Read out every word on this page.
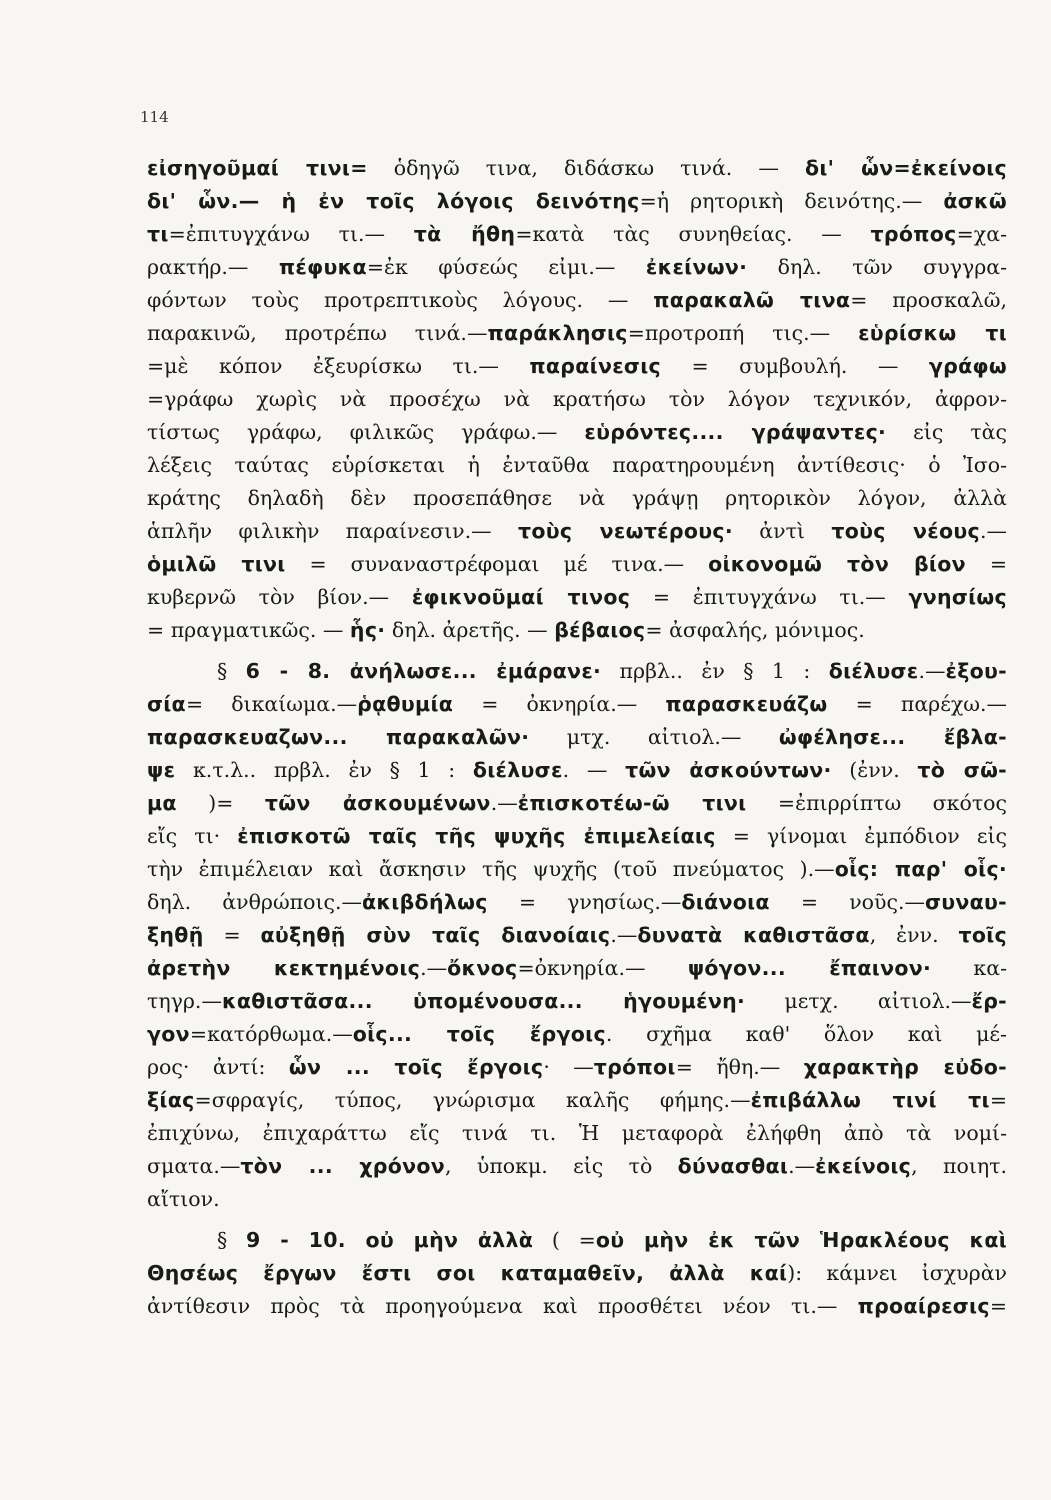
114
εἰσηγοῦμαί τινι= ὁδηγῶ τινα, διδάσκω τινά. — δι' ὧν=ἐκείνοις
δι' ὧν.— ἡ ἐν τοῖς λόγοις δεινότης=ἡ ρητορικὴ δεινότης.— ἀσκῶ
τι=ἐπιτυγχάνω τι.— τὰ ἤθη=κατὰ τὰς συνηθείας. — τρόπος=χα-
ρακτήρ.— πέφυκα=ἐκ φύσεώς εἰμι.— ἐκείνων· δηλ. τῶν συγγρα-
φόντων τοὺς προτρεπτικοὺς λόγους. — παρακαλῶ τινα= προσκαλῶ,
παρακινῶ, προτρέπω τινά.—παράκλησις=προτροπή τις.— εὑρίσκω τι
=μὲ κόπον ἐξευρίσκω τι.— παραίνεσις = συμβουλή. — γράφω
=γράφω χωρὶς νὰ προσέχω νὰ κρατήσω τὸν λόγον τεχνικόν, ἀφρον-
τίστως γράφω, φιλικῶς γράφω.— εὑρόντες.... γράψαντες· εἰς τὰς
λέξεις ταύτας εὑρίσκεται ἡ ἐνταῦθα παρατηρουμένη ἀντίθεσις· ὁ Ἰσο-
κράτης δηλαδὴ δὲν προσεπάθησε νὰ γράψῃ ρητορικὸν λόγον, ἀλλὰ
ἁπλῆν φιλικὴν παραίνεσιν.— τοὺς νεωτέρους· ἀντὶ τοὺς νέους.—
ὁμιλῶ τινι = συναναστρέφομαι μέ τινα.— οἰκονομῶ τὸν βίον =
κυβερνῶ τὸν βίον.— ἐφικνοῦμαί τινος = ἐπιτυγχάνω τι.— γνησίως
= πραγματικῶς. — ἧς· δηλ. ἀρετῆς. — βέβαιος= ἀσφαλής, μόνιμος.
§ 6 - 8. ἀνήλωσε... ἐμάρανε· πρβλ.. ἐν § 1 : διέλυσε.—ἐξου-
σία= δικαίωμα.—ῥᾳθυμία = ὀκνηρία.— παρασκευάζω = παρέχω.—
παρασκευαζων... παρακαλῶν· μτχ. αἰτιολ.— ὠφέλησε... ἔβλα-
ψε κ.τ.λ.. πρβλ. ἐν § 1 : διέλυσε. — τῶν ἀσκούντων· (ἐνν. τὸ σῶ-
μα )= τῶν ἀσκουμένων.—ἐπισκοτέω-ῶ τινι =ἐπιρρίπτω σκότος
εἴς τι· ἐπισκοτῶ ταῖς τῆς ψυχῆς ἐπιμελείαις = γίνομαι ἐμπόδιον εἰς
τὴν ἐπιμέλειαν καὶ ἄσκησιν τῆς ψυχῆς (τοῦ πνεύματος ).—οἷς: παρ' οἷς·
δηλ. ἀνθρώποις.—ἀκιβδήλως = γνησίως.—διάνοια = νοῦς.—συναυ-
ξηθῇ = αὐξηθῇ σὺν ταῖς διανοίαις.—δυνατὰ καθιστᾶσα, ἐνν. τοῖς
ἀρετὴν κεκτημένοις.—ὄκνος=ὀκνηρία.— ψόγον... ἔπαινον· κα-
τηγρ.—καθιστᾶσα... ὑπομένουσα... ἡγουμένη· μετχ. αἰτιολ.—ἔρ-
γον=κατόρθωμα.—οἷς... τοῖς ἔργοις. σχῆμα καθ' ὅλον καὶ μέ-
ρος· ἀντί: ὧν ... τοῖς ἔργοις· —τρόποι= ἤθη.— χαρακτὴρ εὐδο-
ξίας=σφραγίς, τύπος, γνώρισμα καλῆς φήμης.—ἐπιβάλλω τινί τι=
ἐπιχύνω, ἐπιχαράττω εἴς τινά τι. Ἡ μεταφορὰ ἐλήφθη ἀπὸ τὰ νομί-
σματα.—τὸν ... χρόνον, ὑποκμ. εἰς τὸ δύνασθαι.—ἐκείνοις, ποιητ.
αἴτιον.
§ 9 - 10. οὐ μὴν ἀλλὰ ( =οὐ μὴν ἐκ τῶν Ἡρακλέους καὶ
Θησέως ἔργων ἔστι σοι καταμαθεῖν, ἀλλὰ καί): κάμνει ἰσχυρὰν
ἀντίθεσιν πρὸς τὰ προηγούμενα καὶ προσθέτει νέον τι.— προαίρεσις=
